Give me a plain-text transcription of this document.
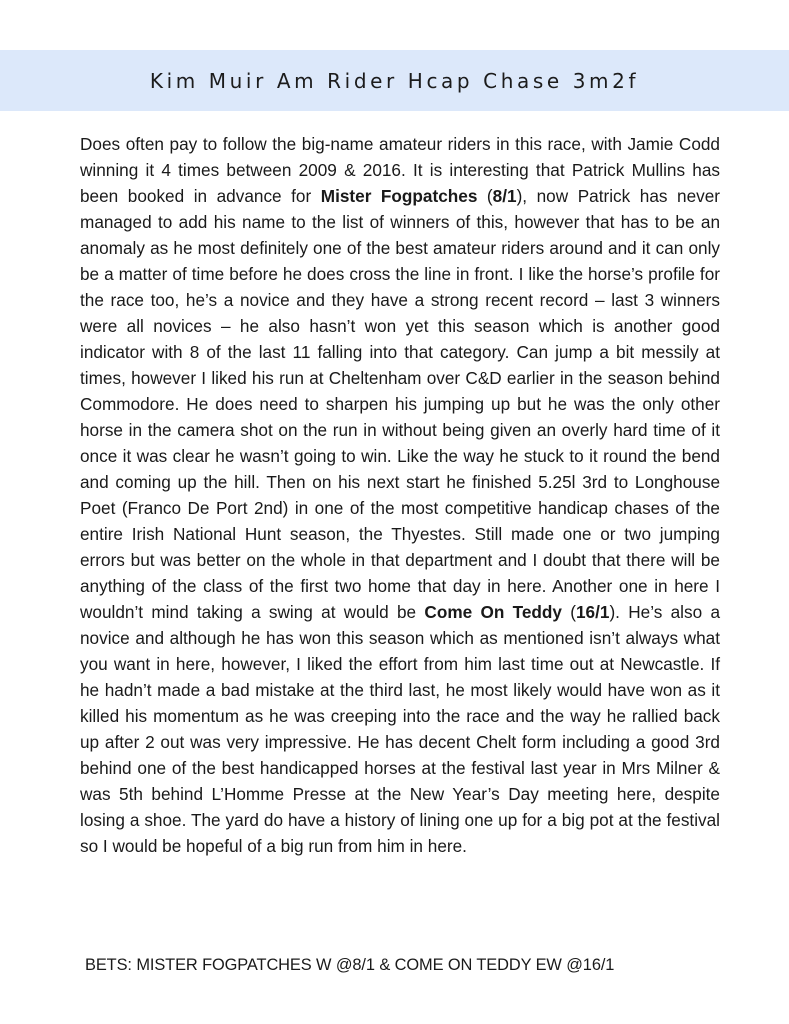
Kim Muir Am Rider Hcap Chase 3m2f

Does often pay to follow the big-name amateur riders in this race, with Jamie Codd winning it 4 times between 2009 & 2016. It is interesting that Patrick Mullins has been booked in advance for Mister Fogpatches (8/1), now Patrick has never managed to add his name to the list of winners of this, however that has to be an anomaly as he most definitely one of the best amateur riders around and it can only be a matter of time before he does cross the line in front. I like the horse’s profile for the race too, he’s a novice and they have a strong recent record – last 3 winners were all novices – he also hasn’t won yet this season which is another good indicator with 8 of the last 11 falling into that category. Can jump a bit messily at times, however I liked his run at Cheltenham over C&D earlier in the season behind Commodore. He does need to sharpen his jumping up but he was the only other horse in the camera shot on the run in without being given an overly hard time of it once it was clear he wasn’t going to win. Like the way he stuck to it round the bend and coming up the hill. Then on his next start he finished 5.25l 3rd to Longhouse Poet (Franco De Port 2nd) in one of the most competitive handicap chases of the entire Irish National Hunt season, the Thyestes. Still made one or two jumping errors but was better on the whole in that department and I doubt that there will be anything of the class of the first two home that day in here. Another one in here I wouldn’t mind taking a swing at would be Come On Teddy (16/1). He’s also a novice and although he has won this season which as mentioned isn’t always what you want in here, however, I liked the effort from him last time out at Newcastle. If he hadn’t made a bad mistake at the third last, he most likely would have won as it killed his momentum as he was creeping into the race and the way he rallied back up after 2 out was very impressive. He has decent Chelt form including a good 3rd behind one of the best handicapped horses at the festival last year in Mrs Milner & was 5th behind L’Homme Presse at the New Year’s Day meeting here, despite losing a shoe. The yard do have a history of lining one up for a big pot at the festival so I would be hopeful of a big run from him in here.

BETS: MISTER FOGPATCHES W @8/1 & COME ON TEDDY EW @16/1
